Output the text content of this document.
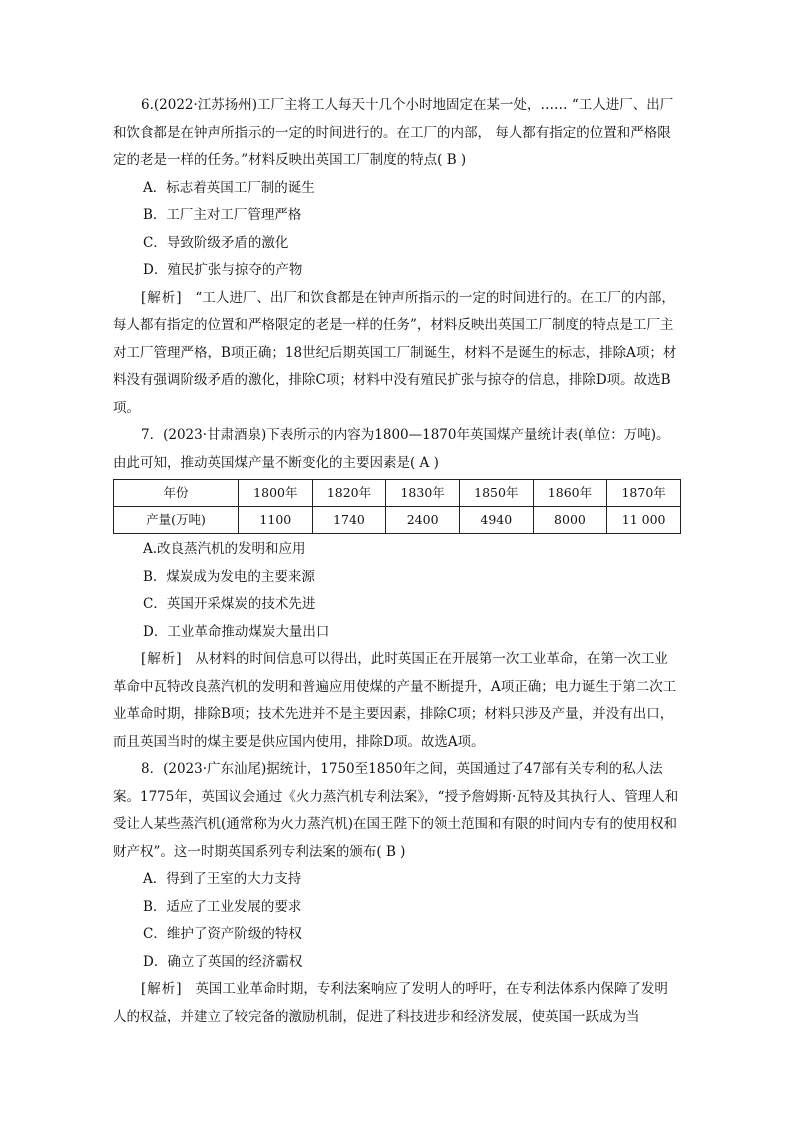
6.(2022·江苏扬州)工厂主将工人每天十几个小时地固定在某一处，…… “工人进厂、出厂和饮食都是在钟声所指示的一定的时间进行的。在工厂的内部， 每人都有指定的位置和严格限定的老是一样的任务。”材料反映出英国工厂制度的特点( B )

A．标志着英国工厂制的诞生

B．工厂主对工厂管理严格

C．导致阶级矛盾的激化

D．殖民扩张与掠夺的产物

[解析] “工人进厂、出厂和饮食都是在钟声所指示的一定的时间进行的。在工厂的内部， 每人都有指定的位置和严格限定的老是一样的任务”，材料反映出英国工厂制度的特点是工厂主对工厂管理严格，B项正确；18世纪后期英国工厂制诞生，材料不是诞生的标志，排除A项；材料没有强调阶级矛盾的激化，排除C项；材料中没有殖民扩张与掠夺的信息，排除D项。故选B项。

7．(2023·甘肃酒泉)下表所示的内容为1800—1870年英国煤产量统计表(单位：万吨)。由此可知，推动英国煤产量不断变化的主要因素是( A )

年份	1800年	1820年	1830年	1850年	1860年	1870年
产量(万吨)	1100	1740	2400	4940	8000	11 000

A.改良蒸汽机的发明和应用

B．煤炭成为发电的主要来源

C．英国开采煤炭的技术先进

D．工业革命推动煤炭大量出口

[解析] 从材料的时间信息可以得出，此时英国正在开展第一次工业革命，在第一次工业革命中瓦特改良蒸汽机的发明和普遍应用使煤的产量不断提升，A项正确；电力诞生于第二次工业革命时期，排除B项；技术先进并不是主要因素，排除C项；材料只涉及产量，并没有出口，而且英国当时的煤主要是供应国内使用，排除D项。故选A项。

8．(2023·广东汕尾)据统计，1750至1850年之间，英国通过了47部有关专利的私人法案。1775年，英国议会通过《火力蒸汽机专利法案》，“授予詹姆斯·瓦特及其执行人、管理人和受让人某些蒸汽机(通常称为火力蒸汽机)在国王陛下的领土范围和有限的时间内专有的使用权和财产权”。这一时期英国系列专利法案的颁布( B )

A．得到了王室的大力支持

B．适应了工业发展的要求

C．维护了资产阶级的特权

D．确立了英国的经济霸权

[解析] 英国工业革命时期，专利法案响应了发明人的呼吁，在专利法体系内保障了发明人的权益，并建立了较完备的激励机制，促进了科技进步和经济发展，使英国一跃成为当
